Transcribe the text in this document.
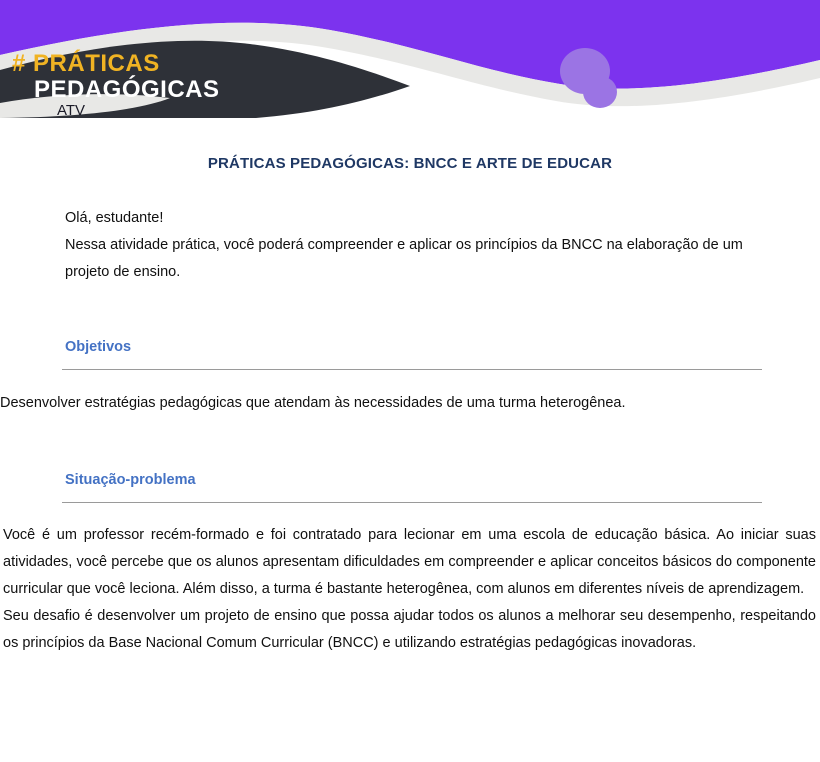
# PRÁTICAS
PEDAGÓGICAS
ATV
PRÁTICAS PEDAGÓGICAS: BNCC E ARTE DE EDUCAR

Olá, estudante!

Nessa atividade prática, você poderá compreender e aplicar os princípios da BNCC na elaboração de um projeto de ensino.

Objetivos

Desenvolver estratégias pedagógicas que atendam às necessidades de uma turma heterogênea.

Situação-problema

Você é um professor recém-formado e foi contratado para lecionar em uma escola de educação básica. Ao iniciar suas atividades, você percebe que os alunos apresentam dificuldades em compreender e aplicar conceitos básicos do componente curricular que você leciona. Além disso, a turma é bastante heterogênea, com alunos em diferentes níveis de aprendizagem.

Seu desafio é desenvolver um projeto de ensino que possa ajudar todos os alunos a melhorar seu desempenho, respeitando os princípios da Base Nacional Comum Curricular (BNCC) e utilizando estratégias pedagógicas inovadoras.
